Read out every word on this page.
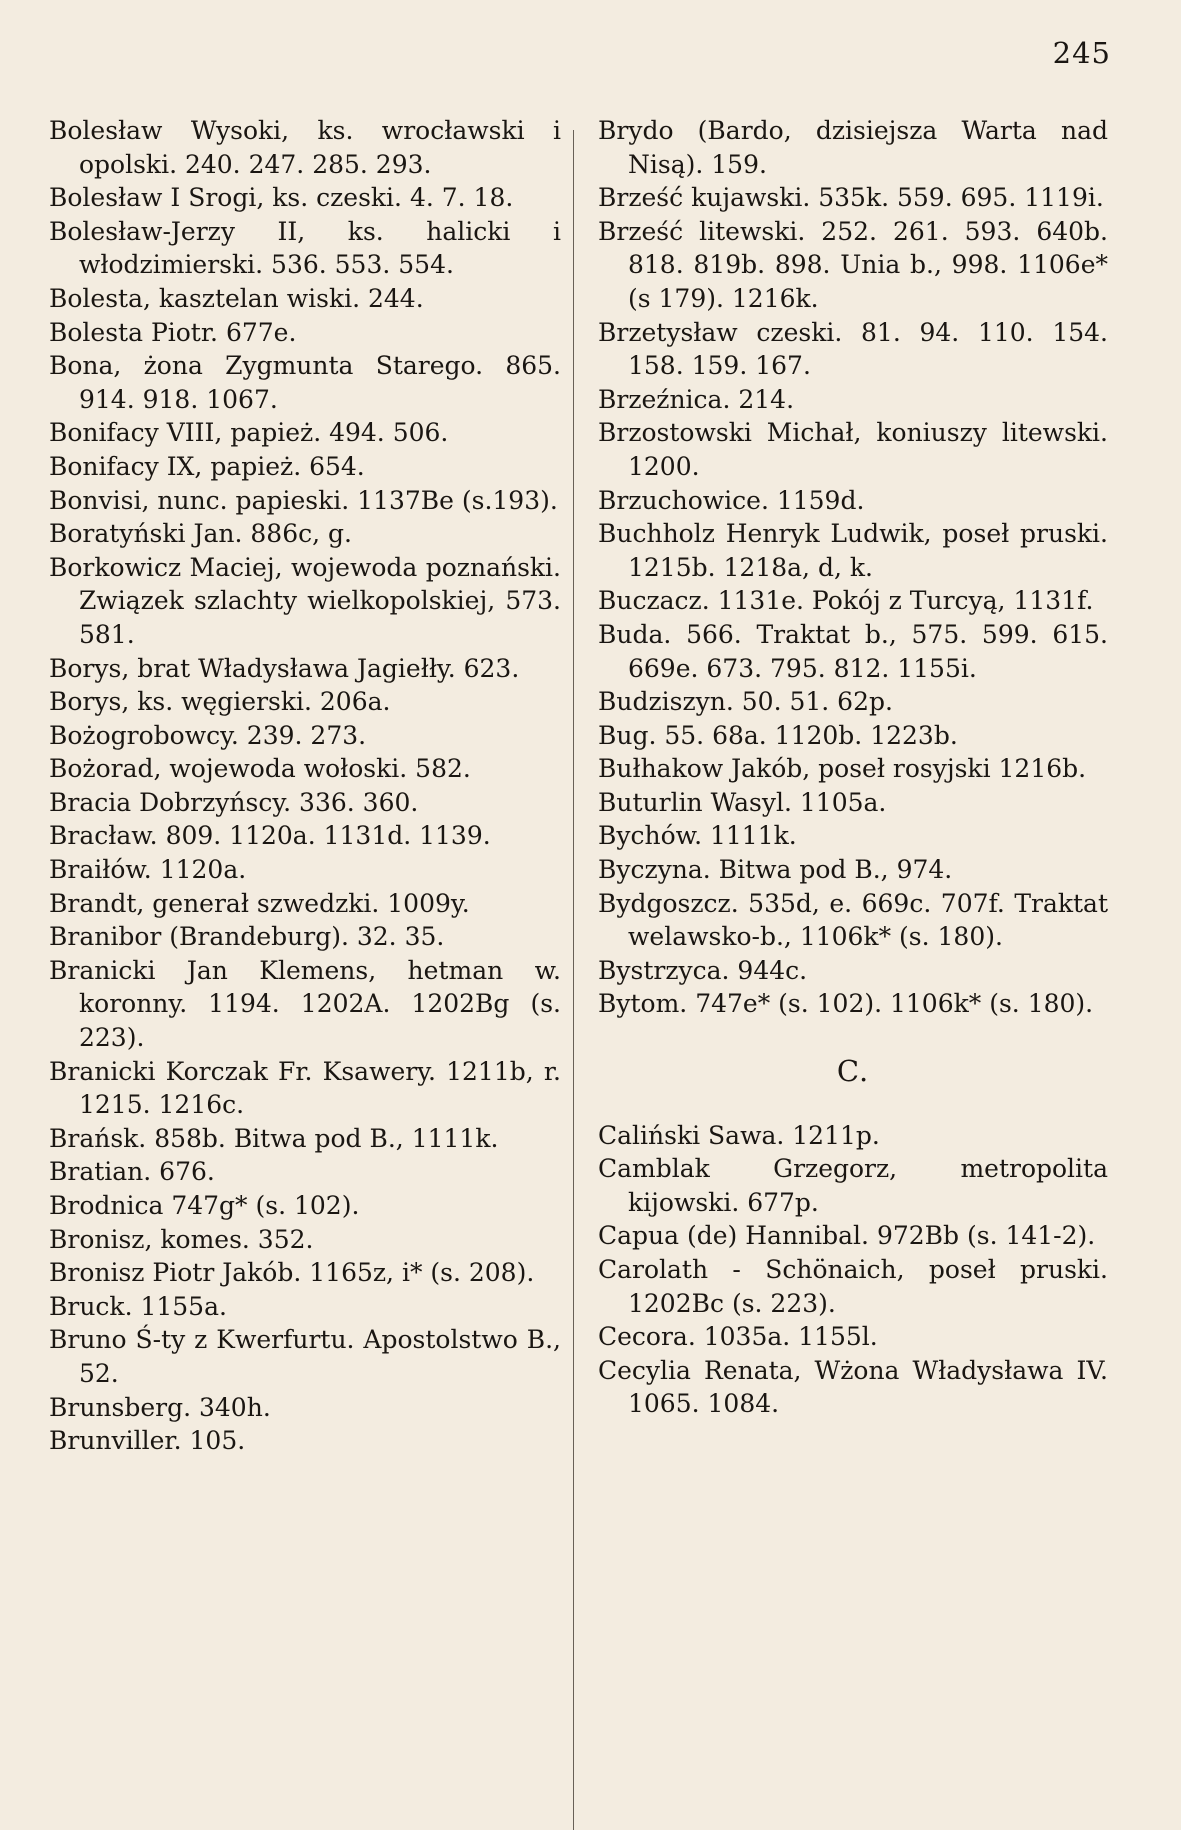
245

Bolesław Wysoki, ks. wrocławski i opolski. 240. 247. 285. 293.

Bolesław I Srogi, ks. czeski. 4. 7. 18.

Bolesław-Jerzy II, ks. halicki i włodzimierski. 536. 553. 554.

Bolesta, kasztelan wiski. 244.

Bolesta Piotr. 677e.

Bona, żona Zygmunta Starego. 865. 914. 918. 1067.

Bonifacy VIII, papież. 494. 506.

Bonifacy IX, papież. 654.

Bonvisi, nunc. papieski. 1137Be (s.193).

Boratyński Jan. 886c, g.

Borkowicz Maciej, wojewoda poznański. Związek szlachty wielkopolskiej, 573. 581.

Borys, brat Władysława Jagiełły. 623.

Borys, ks. węgierski. 206a.

Bożogrobowcy. 239. 273.

Bożorad, wojewoda wołoski. 582.

Bracia Dobrzyńscy. 336. 360.

Bracław. 809. 1120a. 1131d. 1139.

Braiłów. 1120a.

Brandt, generał szwedzki. 1009y.

Branibor (Brandeburg). 32. 35.

Branicki Jan Klemens, hetman w. koronny. 1194. 1202A. 1202Bg (s. 223).

Branicki Korczak Fr. Ksawery. 1211b, r. 1215. 1216c.

Brańsk. 858b. Bitwa pod B., 1111k.

Bratian. 676.

Brodnica 747g* (s. 102).

Bronisz, komes. 352.

Bronisz Piotr Jakób. 1165z, i* (s. 208).

Bruck. 1155a.

Bruno Ś-ty z Kwerfurtu. Apostolstwo B., 52.

Brunsberg. 340h.

Brunviller. 105.

Brydo (Bardo, dzisiejsza Warta nad Nisą). 159.

Brześć kujawski. 535k. 559. 695. 1119i.

Brześć litewski. 252. 261. 593. 640b. 818. 819b. 898. Unia b., 998. 1106e* (s 179). 1216k.

Brzetysław czeski. 81. 94. 110. 154. 158. 159. 167.

Brzeźnica. 214.

Brzostowski Michał, koniuszy litewski. 1200.

Brzuchowice. 1159d.

Buchholz Henryk Ludwik, poseł pruski. 1215b. 1218a, d, k.

Buczacz. 1131e. Pokój z Turcyą, 1131f.

Buda. 566. Traktat b., 575. 599. 615. 669e. 673. 795. 812. 1155i.

Budziszyn. 50. 51. 62p.

Bug. 55. 68a. 1120b. 1223b.

Bułhakow Jakób, poseł rosyjski 1216b.

Buturlin Wasyl. 1105a.

Bychów. 1111k.

Byczyna. Bitwa pod B., 974.

Bydgoszcz. 535d, e. 669c. 707f. Traktat welawsko-b., 1106k* (s. 180).

Bystrzyca. 944c.

Bytom. 747e* (s. 102). 1106k* (s. 180).

C.

Caliński Sawa. 1211p.

Camblak Grzegorz, metropolita kijowski. 677p.

Capua (de) Hannibal. 972Bb (s. 141-2).

Carolath - Schönaich, poseł pruski. 1202Bc (s. 223).

Cecora. 1035a. 1155l.

Cecylia Renata, Wżona Władysława IV. 1065. 1084.
